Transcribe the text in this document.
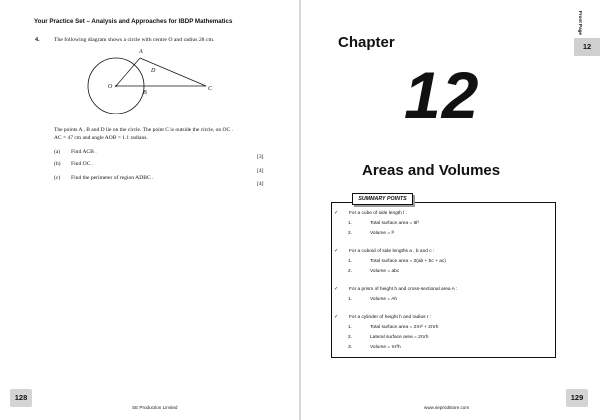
Your Practice Set – Analysis and Approaches for IBDP Mathematics
4.	The following diagram shows a circle with centre O and radius 28 cm.
A
D
B
C
O
The points A , B and D lie on the circle. The point C is outside the circle, on OC .
AC = 47 cm and angle AOB = 1.1 radians.
(a) Find ACB .
[3]
(b) Find OC .
[4]
(c) Find the perimeter of region ADBC .
[4]
128
SE Production Limited
Front Page
12
Chapter
12
Areas and Volumes
SUMMARY POINTS
✓ For a cube of side length l :
1.	Total surface area = 6l²
2.	Volume = l³
✓ For a cuboid of side lengths a , b and c :
1.	Total surface area = 2(ab + bc + ac)
2.	Volume = abc
✓ For a prism of height h and cross-sectional area A :
1.	Volume = Ah
✓ For a cylinder of height h and radius r :
1.	Total surface area = 2πr² + 2πrh
2.	Lateral surface area = 2πrh
3.	Volume = πr²h
129
www.seprodstore.com
